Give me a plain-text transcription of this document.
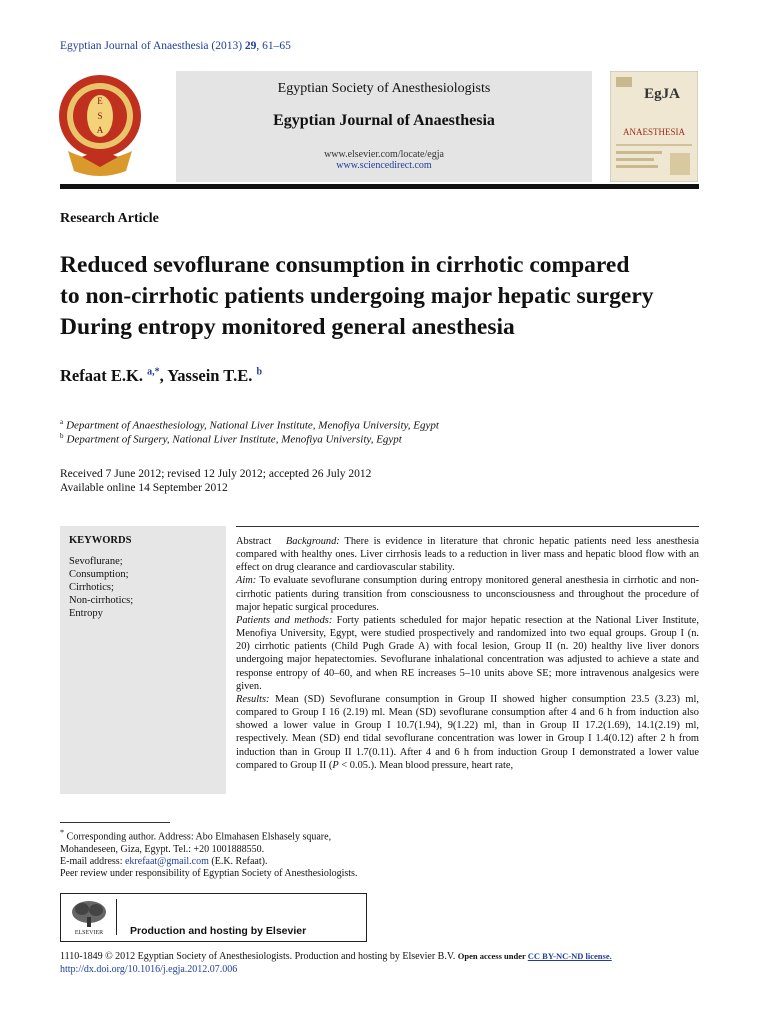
Egyptian Journal of Anaesthesia (2013) 29, 61–65
E
S
A
Egyptian Society of Anesthesiologists
Egyptian Journal of Anaesthesia
www.elsevier.com/locate/egja
www.sciencedirect.com
EgJA
ANAESTHESIA
Research Article
Reduced sevoflurane consumption in cirrhotic compared
to non-cirrhotic patients undergoing major hepatic surgery
During entropy monitored general anesthesia
Refaat E.K. $^{a,*}$, Yassein T.E. $^b$
$^a$ Department of Anaesthesiology, National Liver Institute, Menofiya University, Egypt
$^b$ Department of Surgery, National Liver Institute, Menofiya University, Egypt
Received 7 June 2012; revised 12 July 2012; accepted 26 July 2012
Available online 14 September 2012
KEYWORDS
Sevoflurane;
Consumption;
Cirrhotics;
Non-cirrhotics;
Entropy
Abstract Background: There is evidence in literature that chronic hepatic patients need less anesthesia compared with healthy ones. Liver cirrhosis leads to a reduction in liver mass and hepatic blood flow with an effect on drug clearance and cardiovascular stability.
Aim: To evaluate sevoflurane consumption during entropy monitored general anesthesia in cirrhotic and non-cirrhotic patients during transition from consciousness to unconsciousness and throughout the procedure of major hepatic surgical procedures.
Patients and methods: Forty patients scheduled for major hepatic resection at the National Liver Institute, Menofiya University, Egypt, were studied prospectively and randomized into two equal groups. Group I (n. 20) cirrhotic patients (Child Pugh Grade A) with focal lesion, Group II (n. 20) healthy live liver donors undergoing major hepatectomies. Sevoflurane inhalational concentration was adjusted to achieve a state and response entropy of 40–60, and when RE increases 5–10 units above SE; more intravenous analgesics were given.
Results: Mean (SD) Sevoflurane consumption in Group II showed higher consumption 23.5 (3.23) ml, compared to Group I 16 (2.19) ml. Mean (SD) sevoflurane consumption after 4 and 6 h from induction also showed a lower value in Group I 10.7(1.94), 9(1.22) ml, than in Group II 17.2(1.69), 14.1(2.19) ml, respectively. Mean (SD) end tidal sevoflurane concentration was lower in Group I 1.4(0.12) after 2 h from induction than in Group II 1.7(0.11). After 4 and 6 h from induction Group I demonstrated a lower value compared to Group II (P < 0.05.). Mean blood pressure, heart rate,
* Corresponding author. Address: Abo Elmahasen Elshasely square, Mohandeseen, Giza, Egypt. Tel.: +20 1001888550.
E-mail address: ekrefaat@gmail.com (E.K. Refaat).
Peer review under responsibility of Egyptian Society of Anesthesiologists.
ELSEVIER	Production and hosting by Elsevier
1110-1849 © 2012 Egyptian Society of Anesthesiologists. Production and hosting by Elsevier B.V. Open access under CC BY-NC-ND license.
http://dx.doi.org/10.1016/j.egja.2012.07.006
